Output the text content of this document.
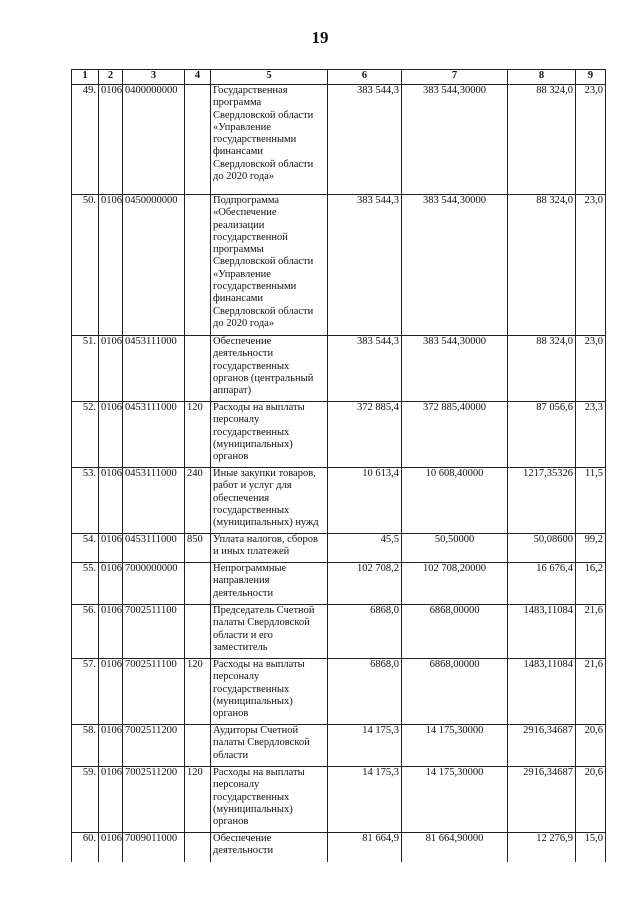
19
1	2	3	4	5	6	7	8	9
49.	0106	0400000000		Государственная программа Свердловской области «Управление государственными финансами Свердловской области до 2020 года»	383 544,3	383 544,30000	88 324,0	23,0
50.	0106	0450000000		Подпрограмма «Обеспечение реализации государственной программы Свердловской области «Управление государственными финансами Свердловской области до 2020 года»	383 544,3	383 544,30000	88 324,0	23,0
51.	0106	0453111000		Обеспечение деятельности государственных органов (центральный аппарат)	383 544,3	383 544,30000	88 324,0	23,0
52.	0106	0453111000	120	Расходы на выплаты персоналу государственных (муниципальных) органов	372 885,4	372 885,40000	87 056,6	23,3
53.	0106	0453111000	240	Иные закупки товаров, работ и услуг для обеспечения государственных (муниципальных) нужд	10 613,4	10 608,40000	1217,35326	11,5
54.	0106	0453111000	850	Уплата налогов, сборов и иных платежей	45,5	50,50000	50,08600	99,2
55.	0106	7000000000		Непрограммные направления деятельности	102 708,2	102 708,20000	16 676,4	16,2
56.	0106	7002511100		Председатель Счетной палаты Свердловской области и его заместитель	6868,0	6868,00000	1483,11084	21,6
57.	0106	7002511100	120	Расходы на выплаты персоналу государственных (муниципальных) органов	6868,0	6868,00000	1483,11084	21,6
58.	0106	7002511200		Аудиторы Счетной палаты Свердловской области	14 175,3	14 175,30000	2916,34687	20,6
59.	0106	7002511200	120	Расходы на выплаты персоналу государственных (муниципальных) органов	14 175,3	14 175,30000	2916,34687	20,6
60.	0106	7009011000		Обеспечение деятельности	81 664,9	81 664,90000	12 276,9	15,0
